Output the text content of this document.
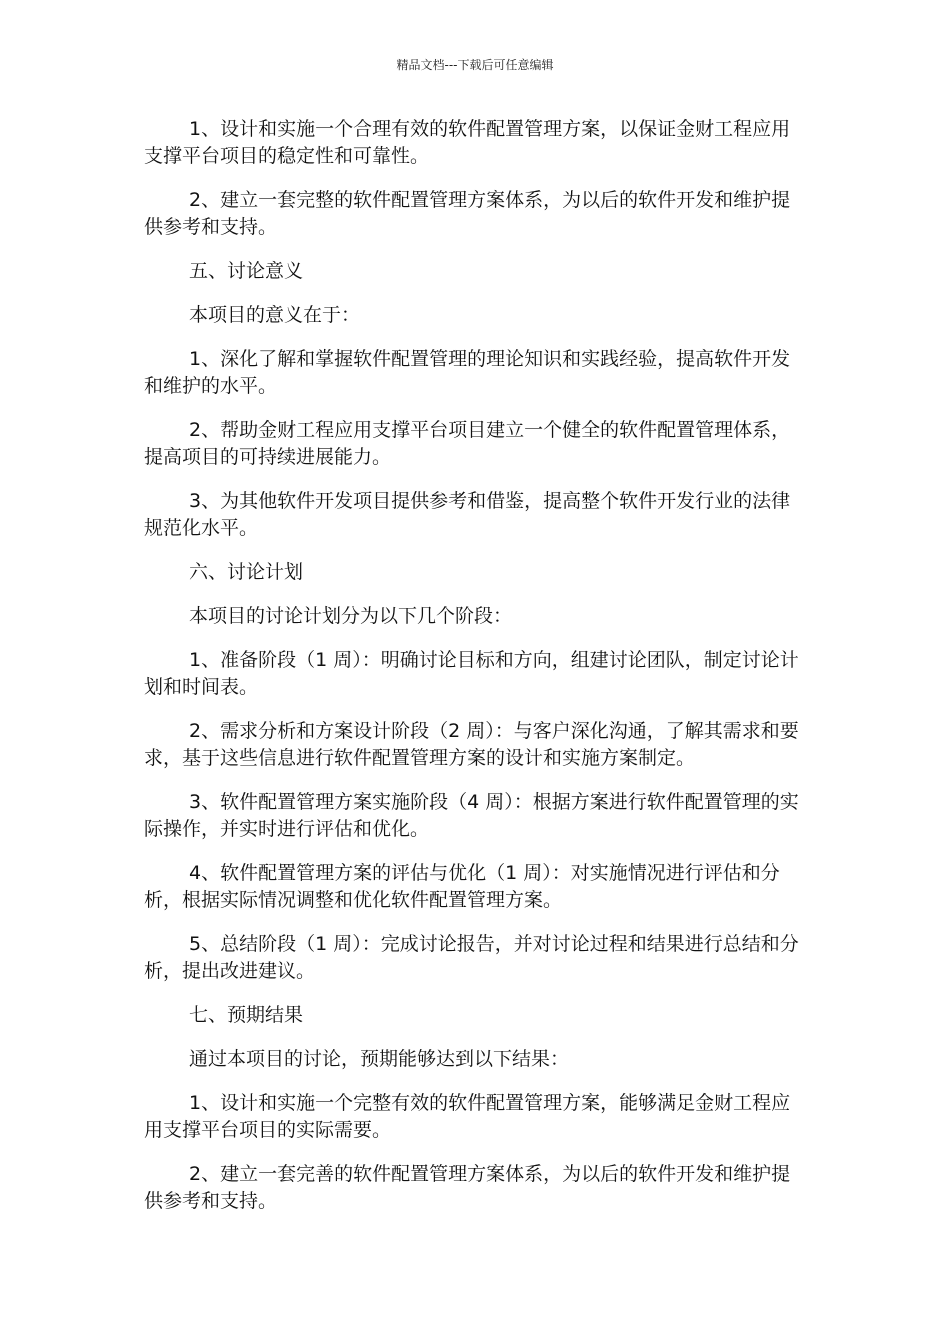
精品文档---下载后可任意编辑

1、设计和实施一个合理有效的软件配置管理方案，以保证金财工程应用支撑平台项目的稳定性和可靠性。

2、建立一套完整的软件配置管理方案体系，为以后的软件开发和维护提供参考和支持。

五、讨论意义

本项目的意义在于：

1、深化了解和掌握软件配置管理的理论知识和实践经验，提高软件开发和维护的水平。

2、帮助金财工程应用支撑平台项目建立一个健全的软件配置管理体系，提高项目的可持续进展能力。

3、为其他软件开发项目提供参考和借鉴，提高整个软件开发行业的法律规范化水平。

六、讨论计划

本项目的讨论计划分为以下几个阶段：

1、准备阶段（1 周）：明确讨论目标和方向，组建讨论团队，制定讨论计划和时间表。

2、需求分析和方案设计阶段（2 周）：与客户深化沟通，了解其需求和要求，基于这些信息进行软件配置管理方案的设计和实施方案制定。

3、软件配置管理方案实施阶段（4 周）：根据方案进行软件配置管理的实际操作，并实时进行评估和优化。

4、软件配置管理方案的评估与优化（1 周）：对实施情况进行评估和分析，根据实际情况调整和优化软件配置管理方案。

5、总结阶段（1 周）：完成讨论报告，并对讨论过程和结果进行总结和分析，提出改进建议。

七、预期结果

通过本项目的讨论，预期能够达到以下结果：

1、设计和实施一个完整有效的软件配置管理方案，能够满足金财工程应用支撑平台项目的实际需要。

2、建立一套完善的软件配置管理方案体系，为以后的软件开发和维护提供参考和支持。
